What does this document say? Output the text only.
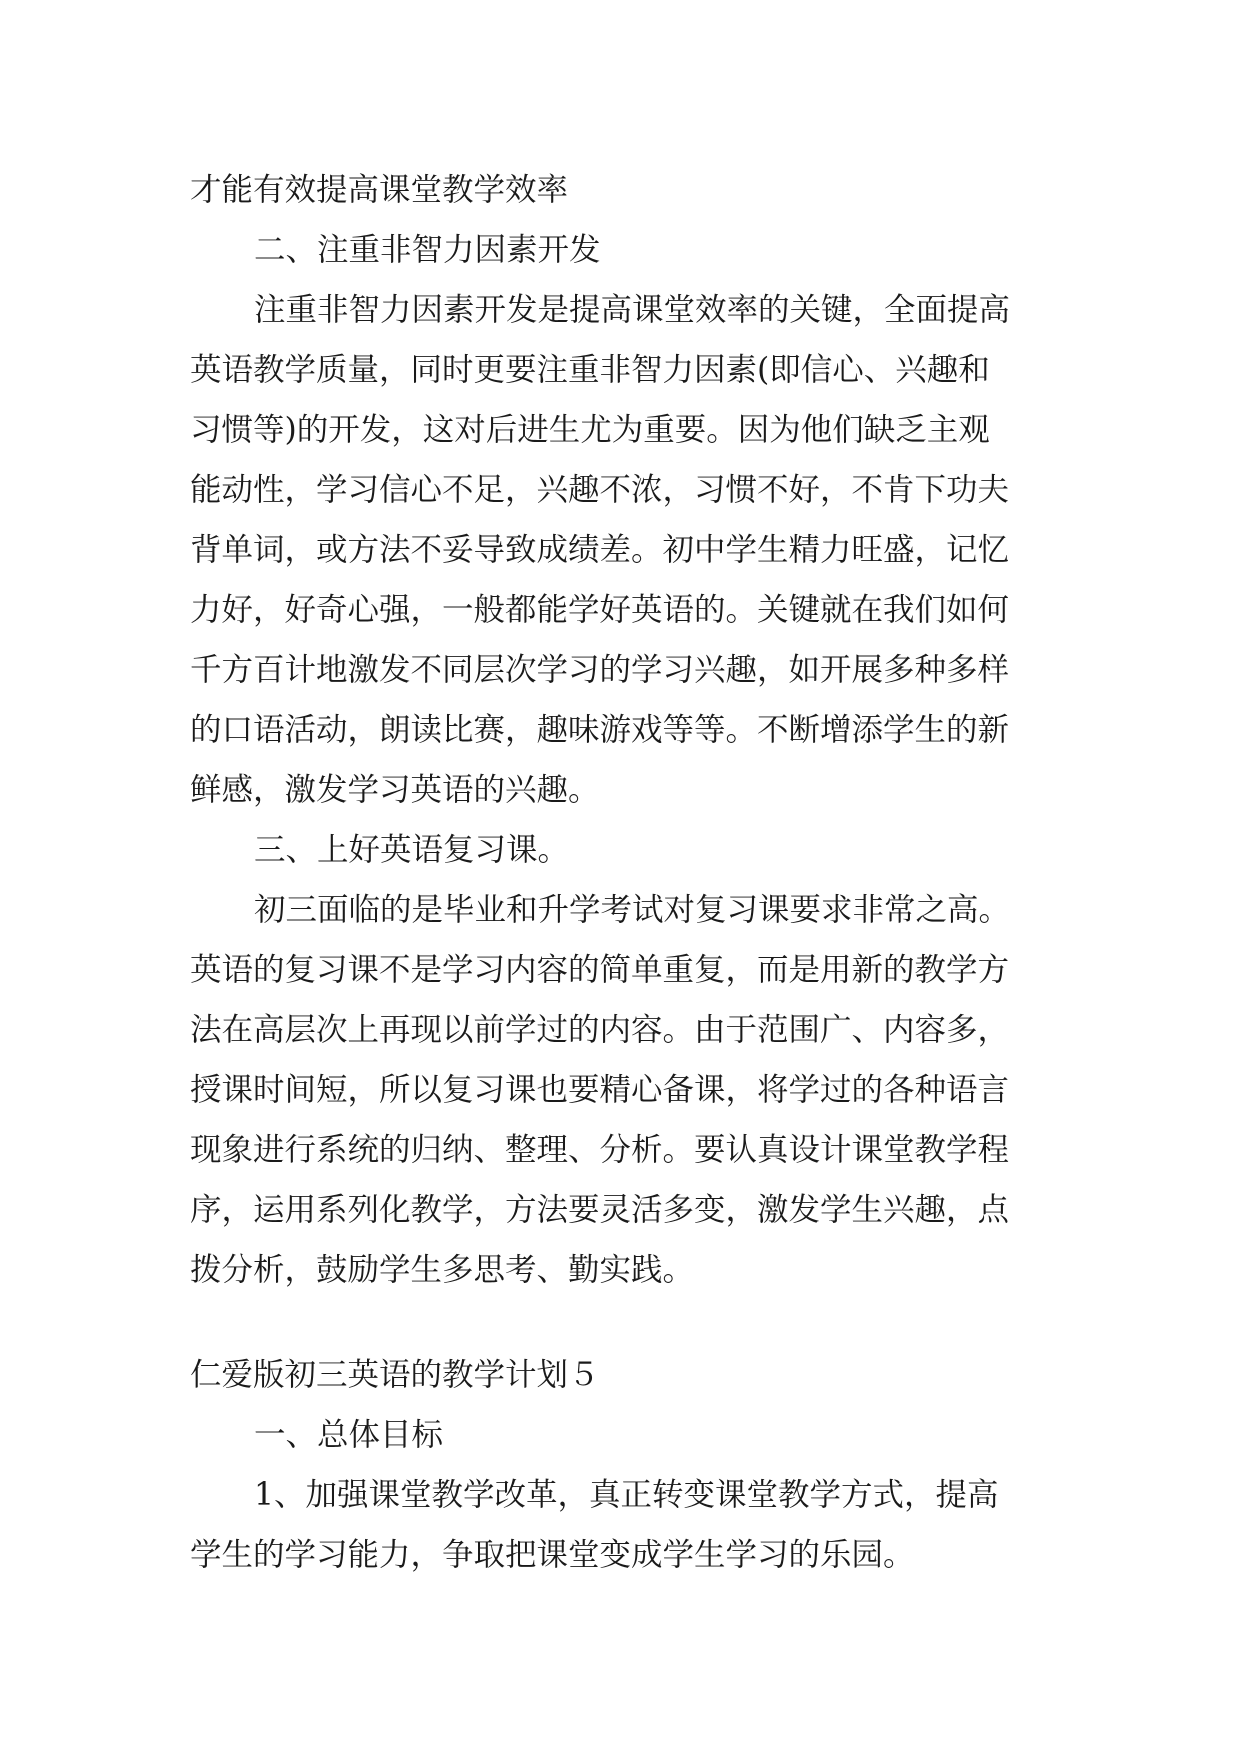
才能有效提高课堂教学效率
二、注重非智力因素开发
注重非智力因素开发是提高课堂效率的关键，全面提高
英语教学质量，同时更要注重非智力因素(即信心、兴趣和
习惯等)的开发，这对后进生尤为重要。因为他们缺乏主观
能动性，学习信心不足，兴趣不浓，习惯不好，不肯下功夫
背单词，或方法不妥导致成绩差。初中学生精力旺盛，记忆
力好，好奇心强，一般都能学好英语的。关键就在我们如何
千方百计地激发不同层次学习的学习兴趣，如开展多种多样
的口语活动，朗读比赛，趣味游戏等等。不断增添学生的新
鲜感，激发学习英语的兴趣。
三、上好英语复习课。
初三面临的是毕业和升学考试对复习课要求非常之高。
英语的复习课不是学习内容的简单重复，而是用新的教学方
法在高层次上再现以前学过的内容。由于范围广、内容多，
授课时间短，所以复习课也要精心备课，将学过的各种语言
现象进行系统的归纳、整理、分析。要认真设计课堂教学程
序，运用系列化教学，方法要灵活多变，激发学生兴趣，点
拨分析，鼓励学生多思考、勤实践。
仁爱版初三英语的教学计划５
一、总体目标
1、加强课堂教学改革，真正转变课堂教学方式，提高
学生的学习能力，争取把课堂变成学生学习的乐园。
